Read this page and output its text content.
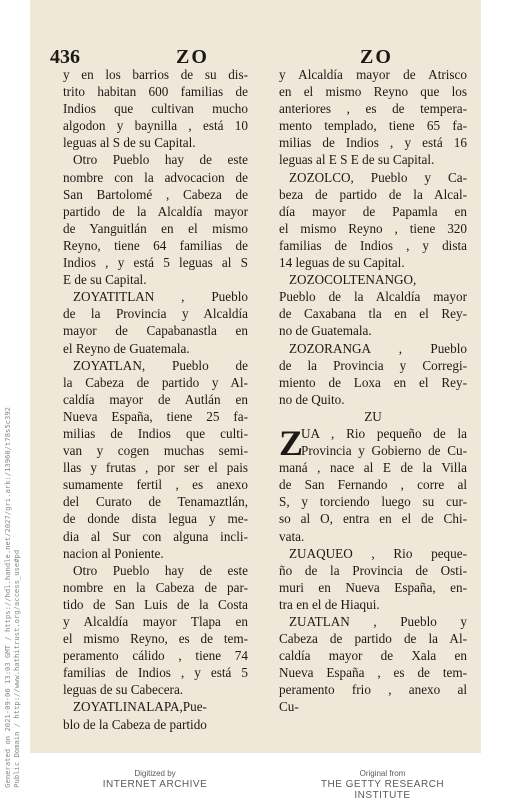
436	ZO	ZO
y en los barrios de su dis-
trito habitan 600 familias de
Indios que cultivan mucho
algodon y baynilla , está 10
leguas al S de su Capital.
Otro Pueblo hay de este
nombre con la advocacion de
San Bartolomé , Cabeza de
partido de la Alcaldía mayor
de Yanguitlán en el mismo
Reyno, tiene 64 familias de
Indios , y está 5 leguas al S
E de su Capital.
ZOYATITLAN , Pueblo
de la Provincia y Alcaldía
mayor de Capabanastla en
el Reyno de Guatemala.
ZOYATLAN, Pueblo de
la Cabeza de partido y Al-
caldía mayor de Autlán en
Nueva España, tiene 25 fa-
milias de Indios que culti-
van y cogen muchas semi-
llas y frutas , por ser el pais
sumamente fertil , es anexo
del Curato de Tenamaztlán,
de donde dista legua y me-
dia al Sur con alguna incli-
nacion al Poniente.
Otro Pueblo hay de este
nombre en la Cabeza de par-
tido de San Luis de la Costa
y Alcaldía mayor Tlapa en
el mismo Reyno, es de tem-
peramento cálido , tiene 74
familias de Indios , y está 5
leguas de su Cabecera.
ZOYATLINALAPA,Pue-
blo de la Cabeza de partido
y Alcaldía mayor de Atrisco
en el mismo Reyno que los
anteriores , es de tempera-
mento templado, tiene 65 fa-
milias de Indios , y está 16
leguas al E S E de su Capital.
ZOZOLCO, Pueblo y Ca-
beza de partido de la Alcal-
día mayor de Papamla en
el mismo Reyno , tiene 320
familias de Indios , y dista
14 leguas de su Capital.
ZOZOCOLTENANGO,
Pueblo de la Alcaldía mayor
de Caxabana tla en el Rey-
no de Guatemala.
ZOZORANGA , Pueblo
de la Provincia y Corregi-
miento de Loxa en el Rey-
no de Quito.
ZU
Z
UA , Rio pequeño de la
Provincia y Gobierno de Cu-
maná , nace al E de la Villa
de San Fernando , corre al
S, y torciendo luego su cur-
so al O, entra en el de Chi-
vata.
ZUAQUEO , Rio peque-
ño de la Provincia de Osti-
muri en Nueva España, en-
tra en el de Hiaqui.
ZUATLAN , Pueblo y
Cabeza de partido de la Al-
caldía mayor de Xala en
Nueva España , es de tem-
peramento frio , anexo al
Cu-
Generated on 2021-09-06 13:03 GMT / https://hdl.handle.net/2027/gri.ark:/13960/t78s5c392 Public Domain / http://www.hathitrust.org/access_use#pd	Digitized by
INTERNET ARCHIVE
Original from
THE GETTY RESEARCH INSTITUTE
